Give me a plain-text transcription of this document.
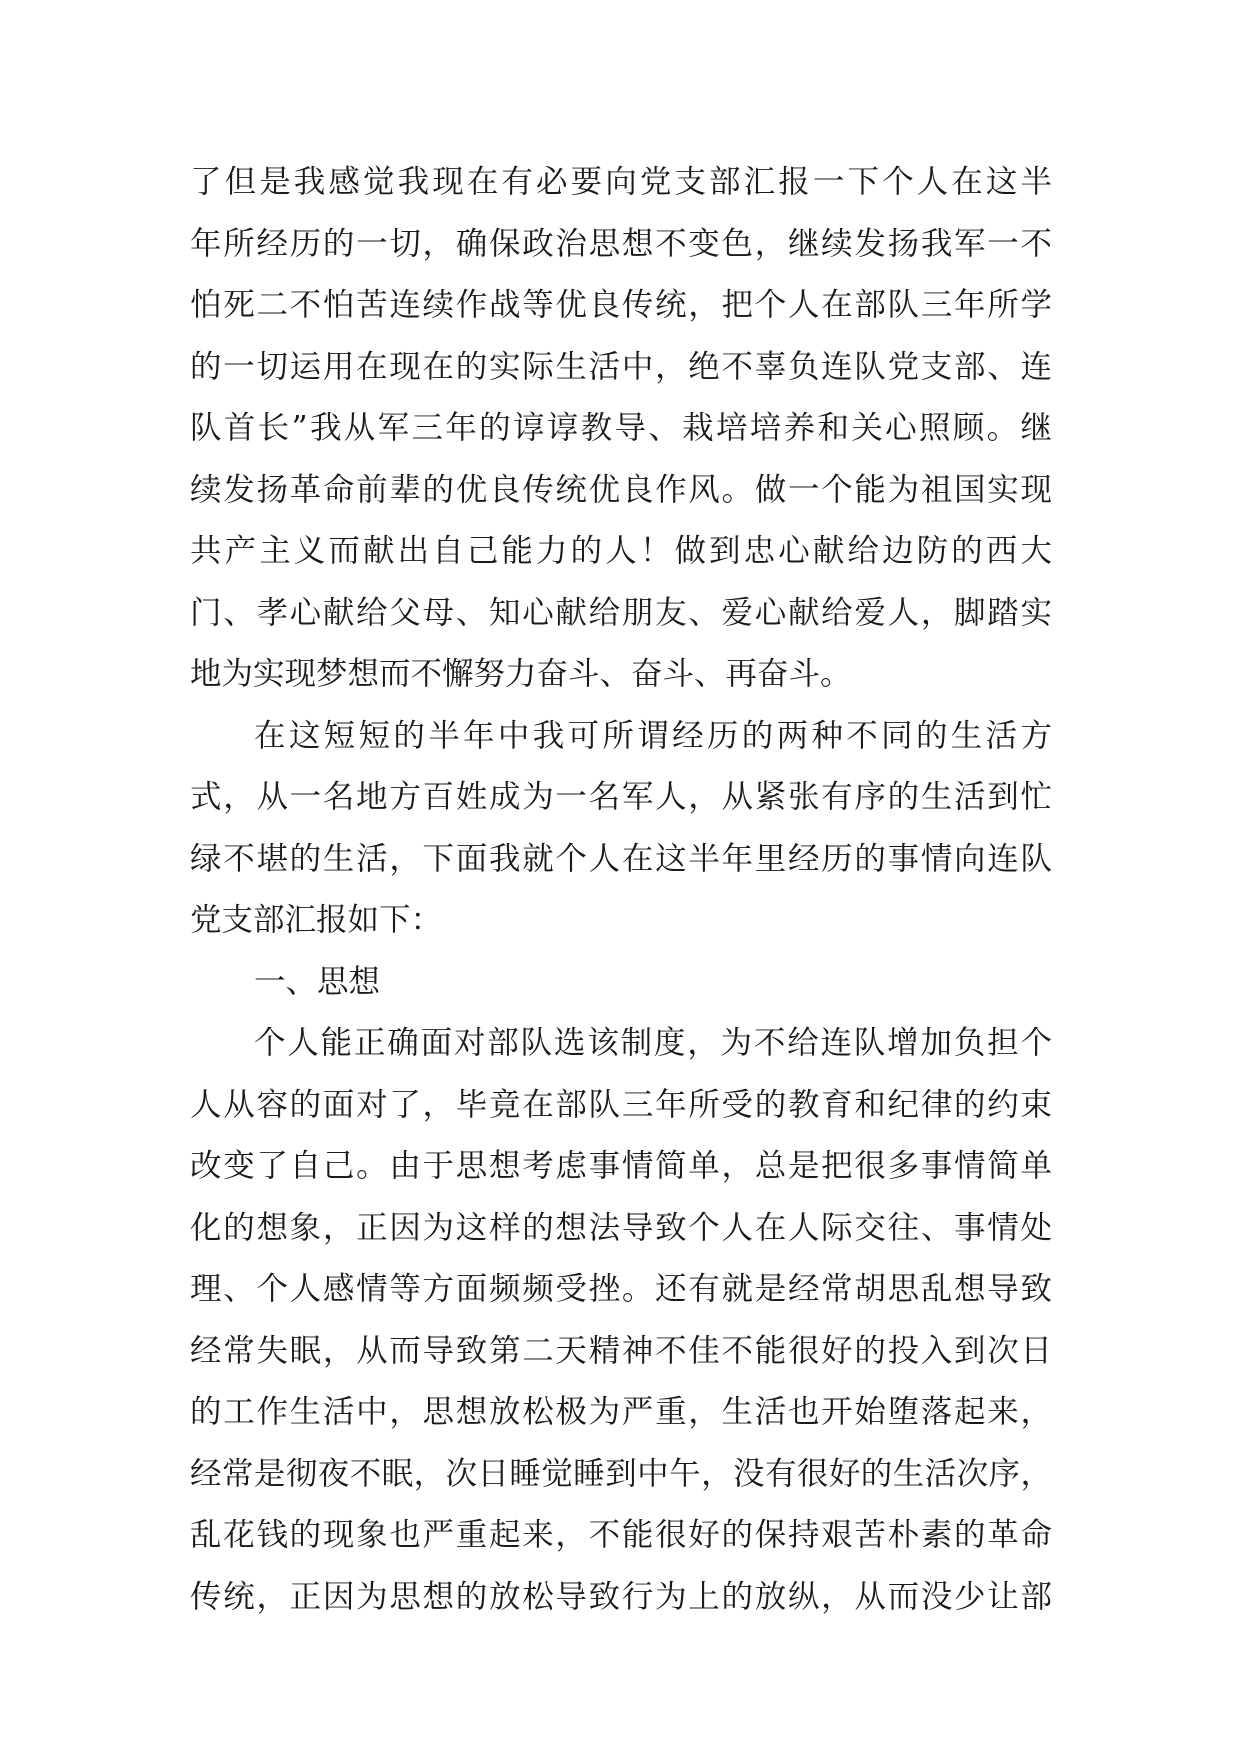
了但是我感觉我现在有必要向党支部汇报一下个人在这半
年所经历的一切，确保政治思想不变色，继续发扬我军一不
怕死二不怕苦连续作战等优良传统，把个人在部队三年所学
的一切运用在现在的实际生活中，绝不辜负连队党支部、连
队首长”我从军三年的谆谆教导、栽培培养和关心照顾。继
续发扬革命前辈的优良传统优良作风。做一个能为祖国实现
共产主义而献出自己能力的人！做到忠心献给边防的西大
门、孝心献给父母、知心献给朋友、爱心献给爱人，脚踏实
地为实现梦想而不懈努力奋斗、奋斗、再奋斗。
在这短短的半年中我可所谓经历的两种不同的生活方
式，从一名地方百姓成为一名军人，从紧张有序的生活到忙
绿不堪的生活，下面我就个人在这半年里经历的事情向连队
党支部汇报如下：
一、思想
个人能正确面对部队选该制度，为不给连队增加负担个
人从容的面对了，毕竟在部队三年所受的教育和纪律的约束
改变了自己。由于思想考虑事情简单，总是把很多事情简单
化的想象，正因为这样的想法导致个人在人际交往、事情处
理、个人感情等方面频频受挫。还有就是经常胡思乱想导致
经常失眠，从而导致第二天精神不佳不能很好的投入到次日
的工作生活中，思想放松极为严重，生活也开始堕落起来，
经常是彻夜不眠，次日睡觉睡到中午，没有很好的生活次序，
乱花钱的现象也严重起来，不能很好的保持艰苦朴素的革命
传统，正因为思想的放松导致行为上的放纵，从而没少让部
